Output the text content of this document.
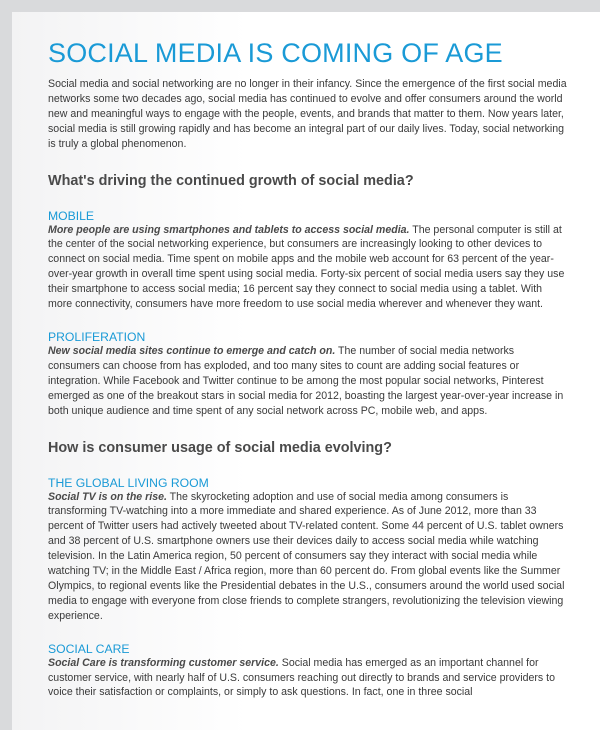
SOCIAL MEDIA IS COMING OF AGE

Social media and social networking are no longer in their infancy. Since the emergence of the first social media networks some two decades ago, social media has continued to evolve and offer consumers around the world new and meaningful ways to engage with the people, events, and brands that matter to them. Now years later, social media is still growing rapidly and has become an integral part of our daily lives. Today, social networking is truly a global phenomenon.

What's driving the continued growth of social media?
MOBILE

More people are using smartphones and tablets to access social media. The personal computer is still at the center of the social networking experience, but consumers are increasingly looking to other devices to connect on social media. Time spent on mobile apps and the mobile web account for 63 percent of the year-over-year growth in overall time spent using social media. Forty-six percent of social media users say they use their smartphone to access social media; 16 percent say they connect to social media using a tablet. With more connectivity, consumers have more freedom to use social media wherever and whenever they want.

PROLIFERATION

New social media sites continue to emerge and catch on. The number of social media networks consumers can choose from has exploded, and too many sites to count are adding social features or integration. While Facebook and Twitter continue to be among the most popular social networks, Pinterest emerged as one of the breakout stars in social media for 2012, boasting the largest year-over-year increase in both unique audience and time spent of any social network across PC, mobile web, and apps.

How is consumer usage of social media evolving?
THE GLOBAL LIVING ROOM

Social TV is on the rise. The skyrocketing adoption and use of social media among consumers is transforming TV-watching into a more immediate and shared experience. As of June 2012, more than 33 percent of Twitter users had actively tweeted about TV-related content. Some 44 percent of U.S. tablet owners and 38 percent of U.S. smartphone owners use their devices daily to access social media while watching television. In the Latin America region, 50 percent of consumers say they interact with social media while watching TV; in the Middle East / Africa region, more than 60 percent do. From global events like the Summer Olympics, to regional events like the Presidential debates in the U.S., consumers around the world used social media to engage with everyone from close friends to complete strangers, revolutionizing the television viewing experience.

SOCIAL CARE

Social Care is transforming customer service. Social media has emerged as an important channel for customer service, with nearly half of U.S. consumers reaching out directly to brands and service providers to voice their satisfaction or complaints, or simply to ask questions. In fact, one in three social
